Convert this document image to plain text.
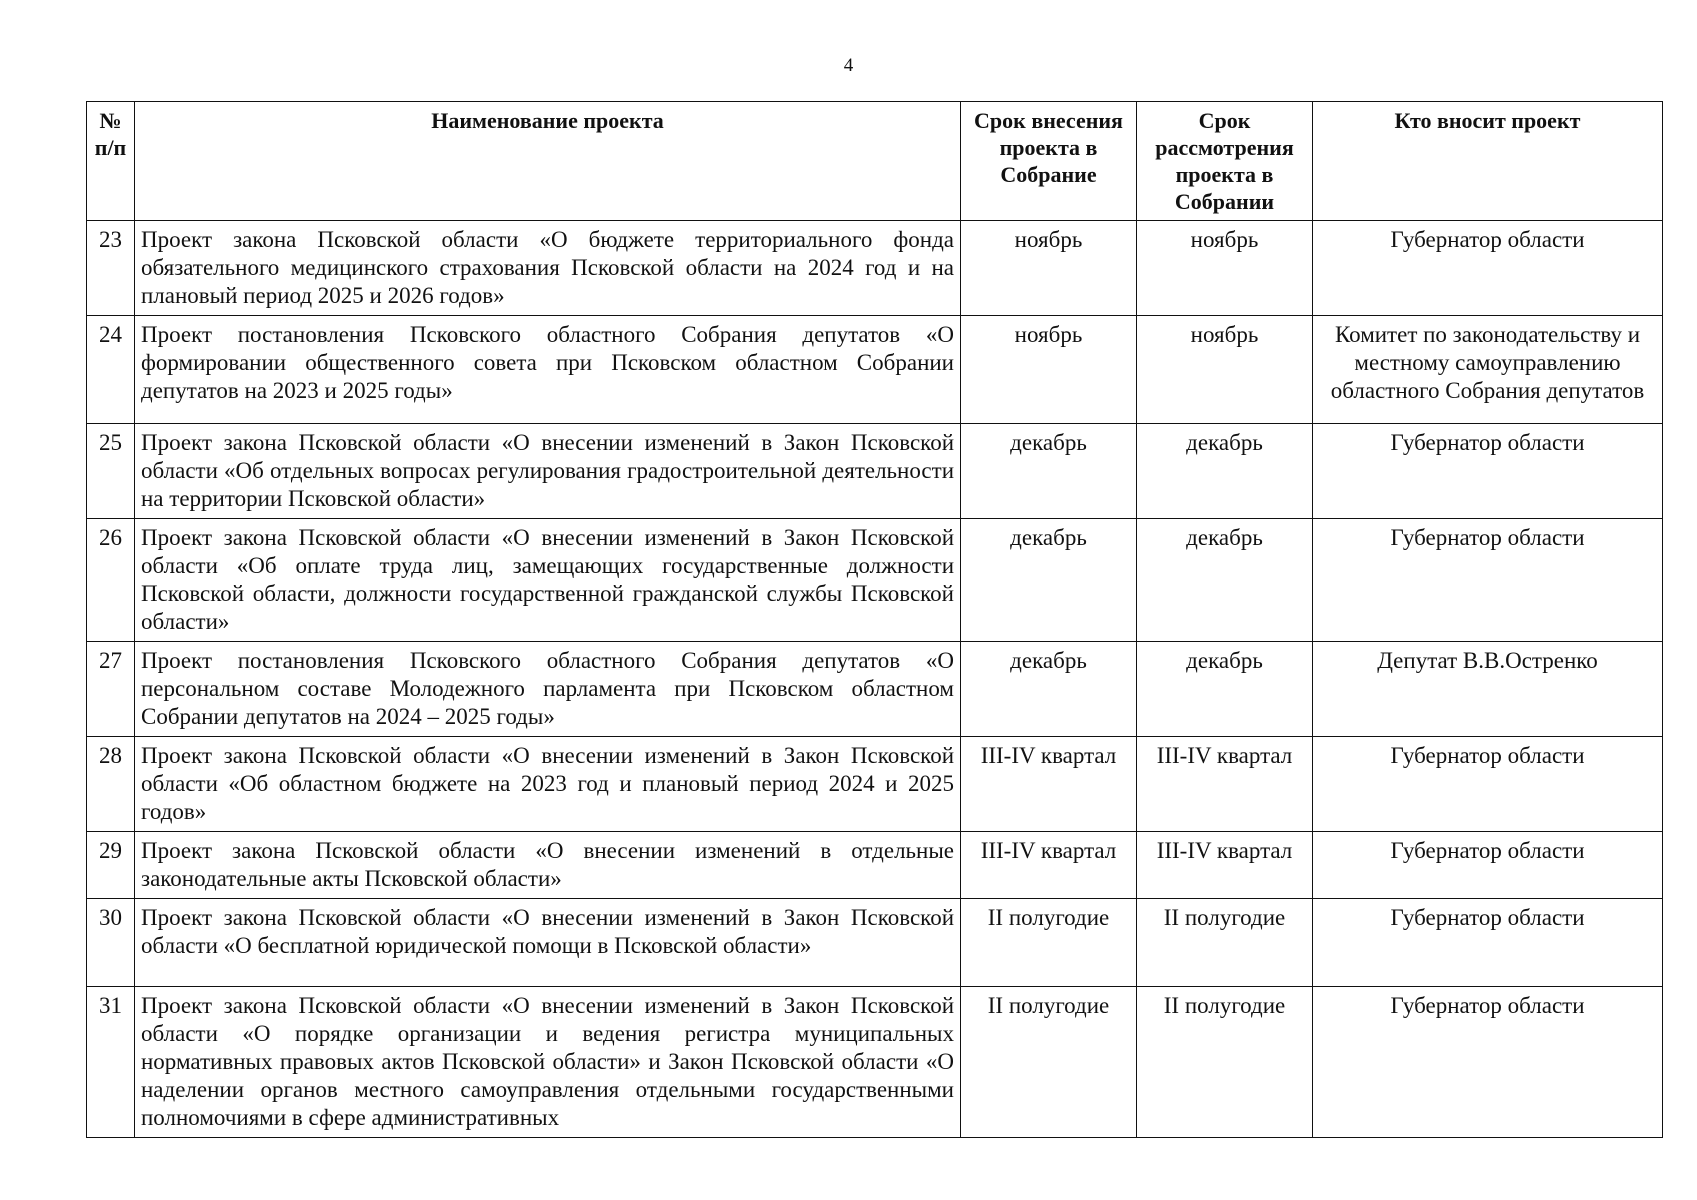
4
№ п/п	Наименование проекта	Срок внесения проекта в Собрание	Срок рассмотрения проекта в Собрании	Кто вносит проект
23	Проект закона Псковской области «О бюджете территориального фонда обязательного медицинского страхования Псковской области на 2024 год и на плановый период 2025 и 2026 годов»	ноябрь	ноябрь	Губернатор области
24	Проект постановления Псковского областного Собрания депутатов «О формировании общественного совета при Псковском областном Собрании депутатов на 2023 и 2025 годы»	ноябрь	ноябрь	Комитет по законодательству и местному самоуправлению областного Собрания депутатов
25	Проект закона Псковской области «О внесении изменений в Закон Псковской области «Об отдельных вопросах регулирования градостроительной деятельности на территории Псковской области»	декабрь	декабрь	Губернатор области
26	Проект закона Псковской области «О внесении изменений в Закон Псковской области «Об оплате труда лиц, замещающих государственные должности Псковской области, должности государственной гражданской службы Псковской области»	декабрь	декабрь	Губернатор области
27	Проект постановления Псковского областного Собрания депутатов «О персональном составе Молодежного парламента при Псковском областном Собрании депутатов на 2024 – 2025 годы»	декабрь	декабрь	Депутат В.В.Остренко
28	Проект закона Псковской области «О внесении изменений в Закон Псковской области «Об областном бюджете на 2023 год и плановый период 2024 и 2025 годов»	III-IV квартал	III-IV квартал	Губернатор области
29	Проект закона Псковской области «О внесении изменений в отдельные законодательные акты Псковской области»	III-IV квартал	III-IV квартал	Губернатор области
30	Проект закона Псковской области «О внесении изменений в Закон Псковской области «О бесплатной юридической помощи в Псковской области»	II полугодие	II полугодие	Губернатор области
31	Проект закона Псковской области «О внесении изменений в Закон Псковской области «О порядке организации и ведения регистра муниципальных нормативных правовых актов Псковской области» и Закон Псковской области «О наделении органов местного самоуправления отдельными государственными полномочиями в сфере административных	II полугодие	II полугодие	Губернатор области
